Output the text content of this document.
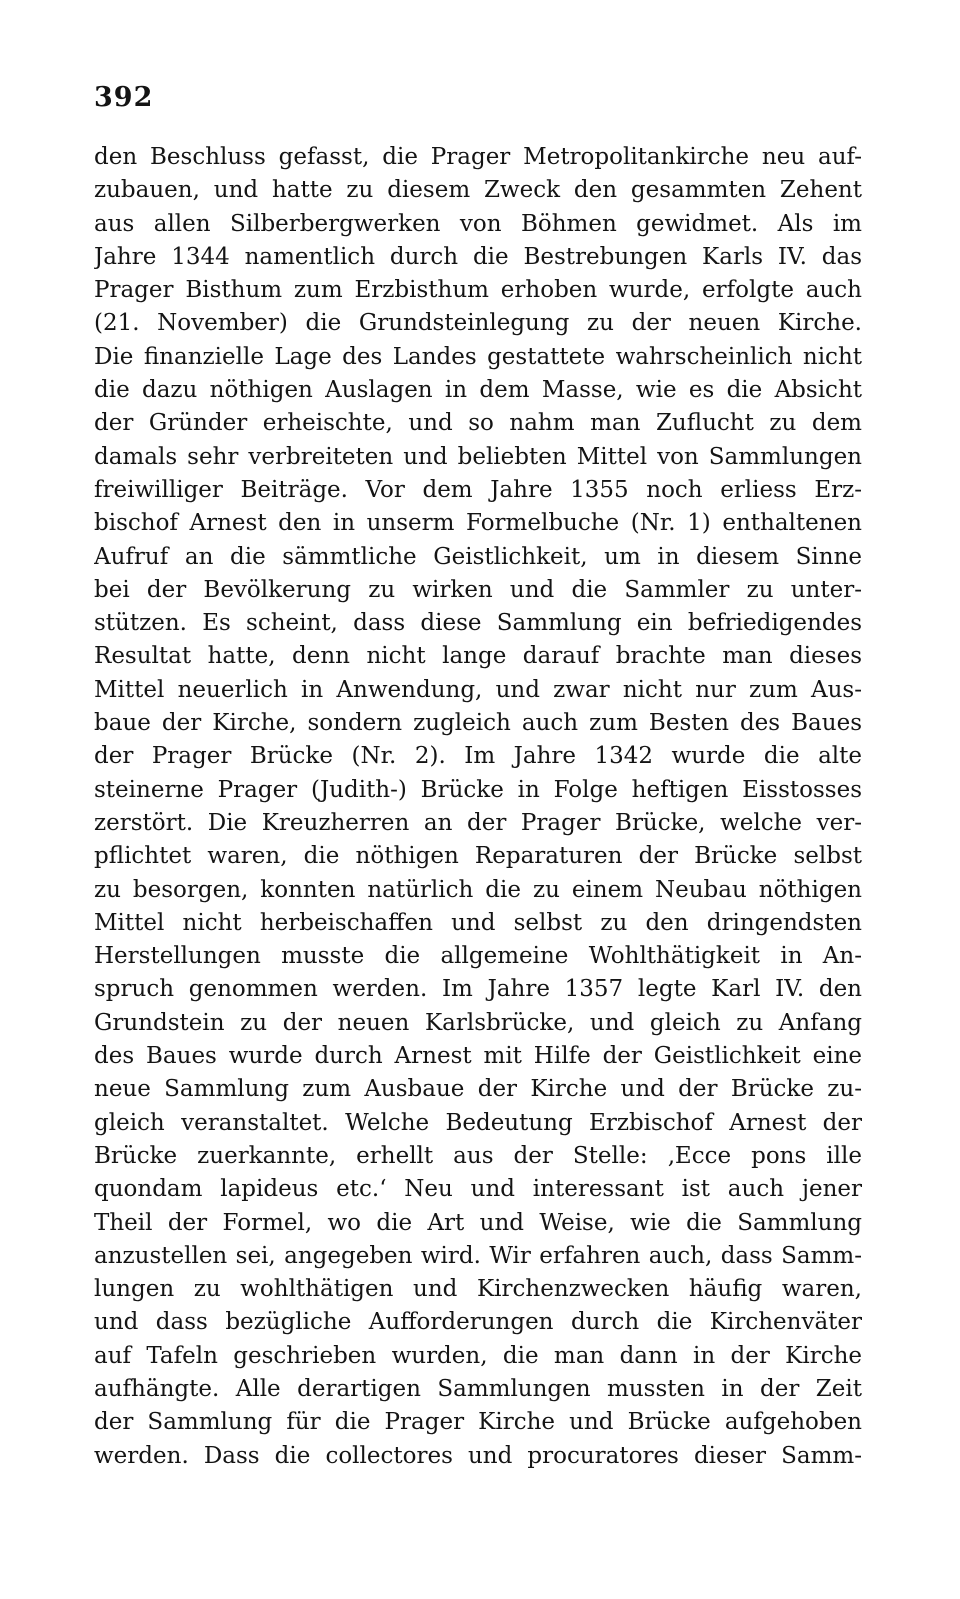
392
den Beschluss gefasst, die Prager Metropolitankirche neu auf-
zubauen, und hatte zu diesem Zweck den gesammten Zehent
aus allen Silberbergwerken von Böhmen gewidmet. Als im
Jahre 1344 namentlich durch die Bestrebungen Karls IV. das
Prager Bisthum zum Erzbisthum erhoben wurde, erfolgte auch
(21. November) die Grundsteinlegung zu der neuen Kirche.
Die finanzielle Lage des Landes gestattete wahrscheinlich nicht
die dazu nöthigen Auslagen in dem Masse, wie es die Absicht
der Gründer erheischte, und so nahm man Zuflucht zu dem
damals sehr verbreiteten und beliebten Mittel von Sammlungen
freiwilliger Beiträge. Vor dem Jahre 1355 noch erliess Erz-
bischof Arnest den in unserm Formelbuche (Nr. 1) enthaltenen
Aufruf an die sämmtliche Geistlichkeit, um in diesem Sinne
bei der Bevölkerung zu wirken und die Sammler zu unter-
stützen. Es scheint, dass diese Sammlung ein befriedigendes
Resultat hatte, denn nicht lange darauf brachte man dieses
Mittel neuerlich in Anwendung, und zwar nicht nur zum Aus-
baue der Kirche, sondern zugleich auch zum Besten des Baues
der Prager Brücke (Nr. 2). Im Jahre 1342 wurde die alte
steinerne Prager (Judith-) Brücke in Folge heftigen Eisstosses
zerstört. Die Kreuzherren an der Prager Brücke, welche ver-
pflichtet waren, die nöthigen Reparaturen der Brücke selbst
zu besorgen, konnten natürlich die zu einem Neubau nöthigen
Mittel nicht herbeischaffen und selbst zu den dringendsten
Herstellungen musste die allgemeine Wohlthätigkeit in An-
spruch genommen werden. Im Jahre 1357 legte Karl IV. den
Grundstein zu der neuen Karlsbrücke, und gleich zu Anfang
des Baues wurde durch Arnest mit Hilfe der Geistlichkeit eine
neue Sammlung zum Ausbaue der Kirche und der Brücke zu-
gleich veranstaltet. Welche Bedeutung Erzbischof Arnest der
Brücke zuerkannte, erhellt aus der Stelle: ‚Ecce pons ille
quondam lapideus etc.‘ Neu und interessant ist auch jener
Theil der Formel, wo die Art und Weise, wie die Sammlung
anzustellen sei, angegeben wird. Wir erfahren auch, dass Samm-
lungen zu wohlthätigen und Kirchenzwecken häufig waren,
und dass bezügliche Aufforderungen durch die Kirchenväter
auf Tafeln geschrieben wurden, die man dann in der Kirche
aufhängte. Alle derartigen Sammlungen mussten in der Zeit
der Sammlung für die Prager Kirche und Brücke aufgehoben
werden. Dass die collectores und procuratores dieser Samm-
